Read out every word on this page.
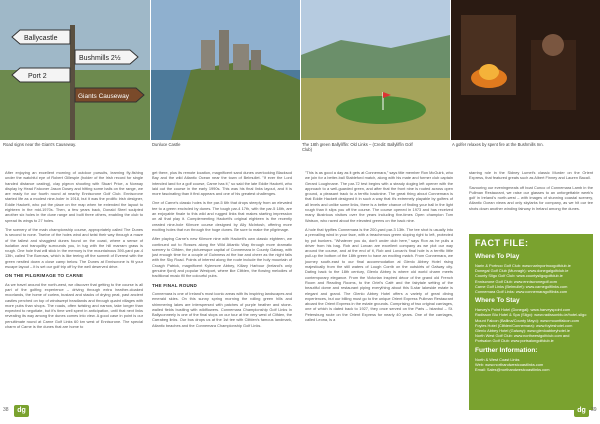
Ballycastle
Bushmills 2½
Port 2
Giants Causeway
Road signs near the Giant's Causeway.	Dunluce Castle	The 18th green Ballyliffin: Old Links – (Credit: Ballyliffin Golf Club)
A golfer relaxes by spent fire at the Bushmills Inn.

After enjoying an excellent morning of outdoor pursuits, learning fly-fishing under the watchful eye of Robert Gillespie (holder of the Irish record for single handed distance casting), clay pigeon shooting with Stuart Price, a Norway display by Head Falconer Jason Dosey and hitting some balls on the range, we are ready for our fourth round at nearby Enniscrone Golf Club. Enniscrone started life as a modest nine-holer in 1918, but it was the prolific Irish designer, Eddie Hackett, who put the place on the map when he extended the layout to eighteen in the mid-1970s. Then, a few years back, Donald Steel sculpted another six holes in the dune range and built three others, enabling the club to spread its wings to 27 holes.

The scenery of the main championship course, appropriately called The Dunes is second to none. Twelve of the holes wind and twist their way through a maze of the tallest and shaggiest dunes found on the coast, where a sense of isolation and tranquility surrounds you, in tug with the hill marram grass is rough. One hole that will stick in the memory is the mountainous 390-yard par-4 13th, called The Burrows, which is like teeing off the summit of Everest with the green nestled down a close camp below. The Dunes at Enniscrone is fit your escape layout – it is set our golf trip off by the well deserved drive.

ON THE PILGRIMAGE TO CARNE

As we travel around the north-west, we discover that getting to the course is all part of the golfing experience – driving through extra heather-cloaked moorlands, the home of curlew, bustard and stacks of drying peat, past ancient castles perched on top of windswept headlands and through quaint villages with more pubs than shops. The roads, often twisting and narrow, take longer than expected to negotiate, but it's time well spent in anticipation, until that next links revealing its way among the dunes comes into view. A good case in point is our penultimate round at Carne Golf Links 60 km west of Enniscrone. The special charm of Carne is the dunes that are home to

get there, plus its remote location, magnificent sand dunes overlooking Blacksod Bay and the wild Atlantic Ocean near the town of Belmullet. "If ever the Lord intended land for a golf course, Carne has it," so said the late Eddie Hackett, who laid out the course in the early 1990s. This was his final links layout, and it is more fascinating than it first appears and one of his greatest challenges.

One of Carne's classic holes is the par-5 6th that drops steeply from an elevated tee to a green encircled by dunes. The tough par-4 17th, with the par-5 18th, are an enjoyable finale to this wild and rugged links that makes starting impression on all that play it. Complementing Hackett's original eighteen is the recently created nine-hole Kilmore course designed by Ally McIntosh, offering more exciting holes that run through the huge dunes. Be sure to make the pilgrimage.

After playing Carne's new Kilmore nine with Hackett's own classic eighteen, we continued out to Rosses along the Wild Atlantic Way through more dramatic scenery to Clifden, the picturesque capital of Connemara in County Galway, with just enough time for a couple of Guinness at the bar and cheer as the night falls with the Sky Road. Points of interest along the route include the holy mountain of Croagh Patrick, magnificent Kylemore Abbey, Killary Harbour (Ireland's only genuine fjord) and popular Westport, where like Clifden, the flowing melodies of traditional music fill the colourful pubs.

THE FINAL ROUND

Connemara is one of Ireland's most iconic areas with its inspiring landscapes and emerald skies. On this sunny spring morning the rolling green hills and shimmering lakes are interspersed with patches of purple heather and stone-walled fields bustling with wildflowers. Connemara Championship Golf Links in Ballyconneely is one of the final stops on our tour at the very west of Clifden, the Carrabeg links. Our bus drops us at the 1st tee with Clifden's famous landmark, Atlantic beaches and the Connemara Championship Golf Links.

"This is as good a day as it gets at Connemara," says title member Ron McGuirk, who we join for a better-ball Stableford match, along with his mate and former club captain Gerard Loughnane. The par-72 test begins with a steady dogleg left opener with the approach to a well-guarded green, and after that the front nine is routed across open ground, a pleasant track to a terrific backnine. The great thing about Connemara is that Eddie Hackett designed it in such a way that it's extremely playable by golfers of all levels and unlike some links, there is a better chance of finding your ball in the light rough than it slips you off the course. The course opened in 1973 and has received many illustrious visitors over the years including five-times Open champion Tom Watson, who raved about the elevated greens on the back nine.

A hole that typifies Connemara is the 200-yard par-3 13th. The tee shot is usually into a prevailing wind in your face, with a treacherous green sloping right to left, protected by pot bunkers. "Whatever you do, don't under club here," says Ron as he pulls a driver from his bag. Rob and Lorcan are excellent company as we plot our way around the course, and at the end of it, Rob and Lorcan's final hole is a terrific little pull-up the bottom of the 18th green to have an exciting match. From Connemara, we journey south-east to our final accommodation at Glenlo Abbey Hotel rising majestically from the still waters of Lough Corrib on the outskirts of Galway city. Dating back to the 18th century, Glenlo Abbey is where old world charm meets contemporary elegance. From the Victorian inspired décor of the grand old French Room and Reading Rooms, to the Oriel's Café and the fairytale setting of the beautiful dome and restaurant piping everything about this 5-star lakeside estate is elegant and grand. The Glenlo Abbey Hotel offers a variety of great dining experiences, but our billing must go to the unique Orient Express Pullman Restaurant aboard the Orient Express in the estate grounds. Comprising of two original carriages, one of which is dated back to 1927, they once served on the Paris – Istanbul – St. Petersburg route on the Orient Express for nearly 40 years. One of the carriages, called Leona, is a

starring role in the Sidney Lumet's classic Murder on the Orient Express, that featured greats such as Albert Finney and Lauren Bacall.

Savouring our eveningmeals off boat Cunco of Connemara Lamb in the Pullman Restaurant, we raise our glasses to an unforgettable week's golf in Ireland's north-west – with images of stunning coastal scenery, Atlantic Ocean views and only skylarks for company, as we hit our tee shots down another winding fairway in Ireland among the dunes.

FACT FILE:
Where To Play

Narin & Portnoo Golf Club: www.narinportnoogolfclub.ie

Donegal Golf Club (Murvagh): www.donegalgolfclub.ie

County Sligo Golf Club: www.countysligogolfclub.ie

Enniscrone Golf Club: www.enniscronegolf.com

Carne Golf Links (Belmullet): www.carnegolflinks.com

Connemara Golf Links: www.connemaragolflinks.com

Where To Stay

Harvey's Point Hotel (Donegal): www.harveyspoint.com

Radisson Blu Hotel & Spa (Sligo): www.radissonblu.ie/hotel-sligo

Mount Falcon (Ballina/County Mayo): www.mountfalcon.com

Foyles Hotel (Clifden/Connemara): www.foyleshotel.com

Glenlo Abbey Hotel (Galway): www.glenloabbeyhotel.ie

North West Golf Club: www.northwestgolfclub.com and

Portsalon Golf Club: www.portsalongolfclub.ie

Further Information:

North & West Coast Links

Web: www.northandwestcoastlinks.com

Email: Sales@northandwestcoastlinks.com

38	dg	dg	39
